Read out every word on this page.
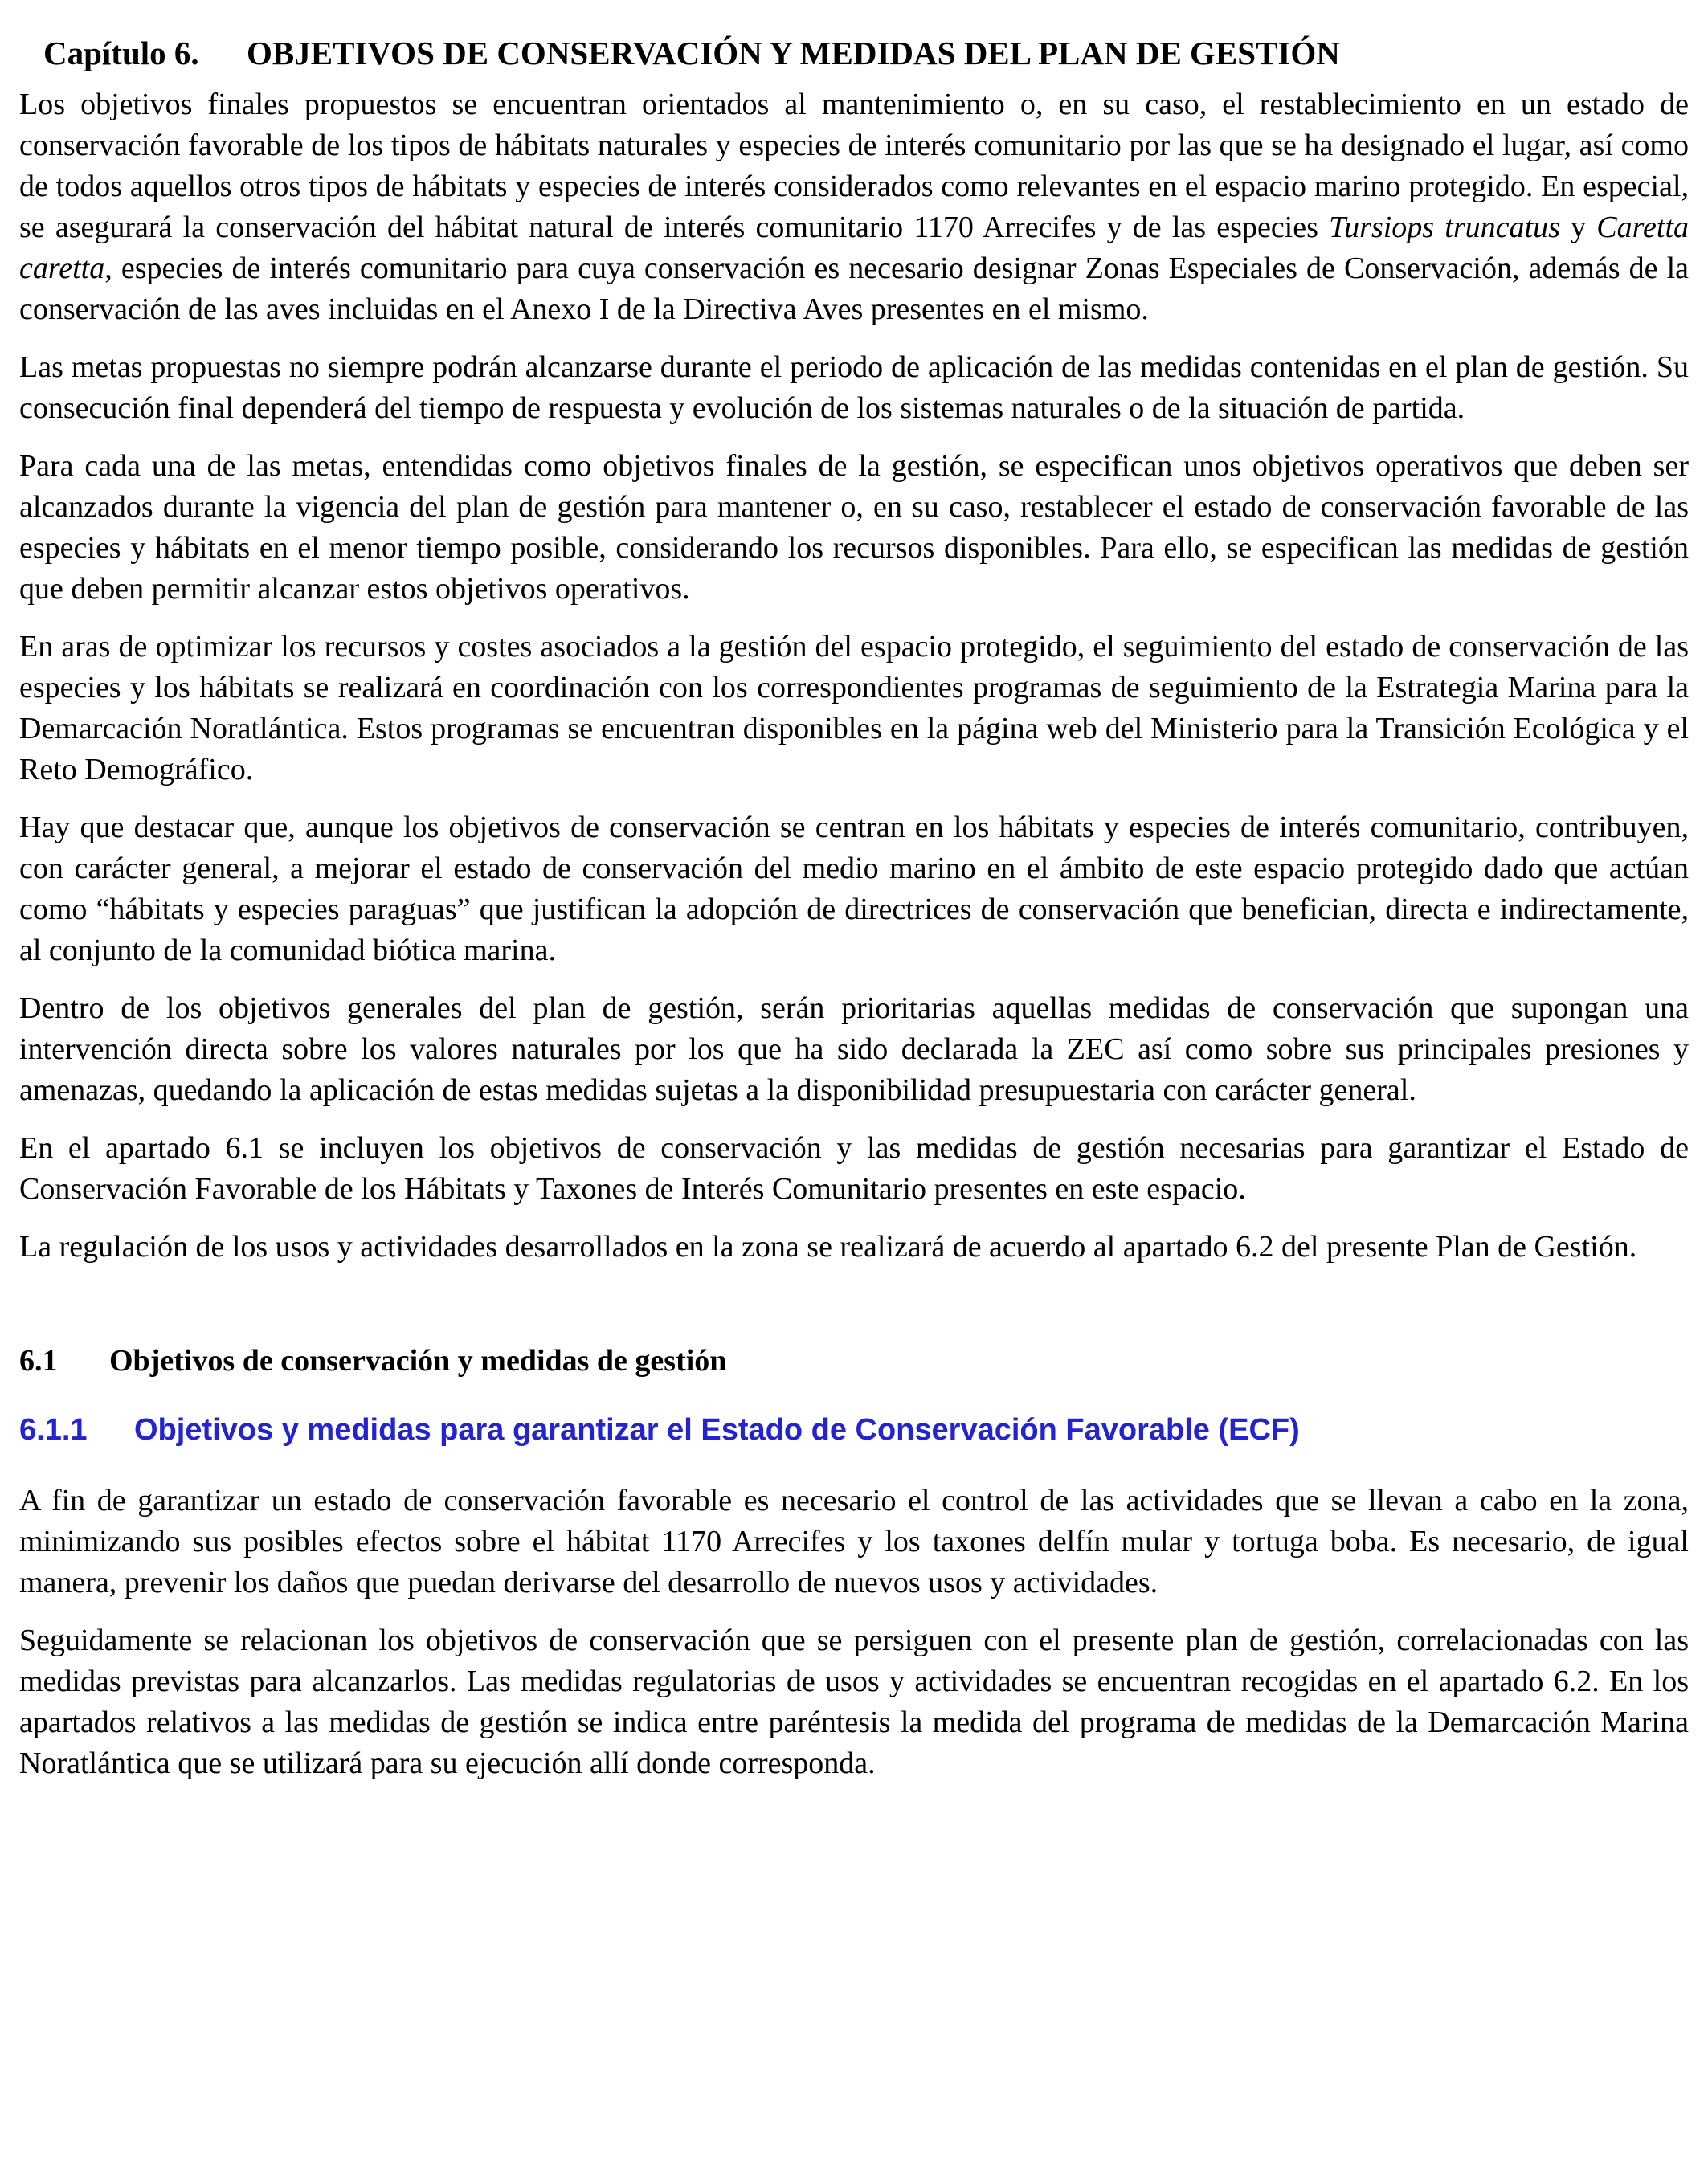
Capítulo 6. OBJETIVOS DE CONSERVACIÓN Y MEDIDAS DEL PLAN DE GESTIÓN

Los objetivos finales propuestos se encuentran orientados al mantenimiento o, en su caso, el restablecimiento en un estado de conservación favorable de los tipos de hábitats naturales y especies de interés comunitario por las que se ha designado el lugar, así como de todos aquellos otros tipos de hábitats y especies de interés considerados como relevantes en el espacio marino protegido. En especial, se asegurará la conservación del hábitat natural de interés comunitario 1170 Arrecifes y de las especies Tursiops truncatus y Caretta caretta, especies de interés comunitario para cuya conservación es necesario designar Zonas Especiales de Conservación, además de la conservación de las aves incluidas en el Anexo I de la Directiva Aves presentes en el mismo.

Las metas propuestas no siempre podrán alcanzarse durante el periodo de aplicación de las medidas contenidas en el plan de gestión. Su consecución final dependerá del tiempo de respuesta y evolución de los sistemas naturales o de la situación de partida.

Para cada una de las metas, entendidas como objetivos finales de la gestión, se especifican unos objetivos operativos que deben ser alcanzados durante la vigencia del plan de gestión para mantener o, en su caso, restablecer el estado de conservación favorable de las especies y hábitats en el menor tiempo posible, considerando los recursos disponibles. Para ello, se especifican las medidas de gestión que deben permitir alcanzar estos objetivos operativos.

En aras de optimizar los recursos y costes asociados a la gestión del espacio protegido, el seguimiento del estado de conservación de las especies y los hábitats se realizará en coordinación con los correspondientes programas de seguimiento de la Estrategia Marina para la Demarcación Noratlántica. Estos programas se encuentran disponibles en la página web del Ministerio para la Transición Ecológica y el Reto Demográfico.

Hay que destacar que, aunque los objetivos de conservación se centran en los hábitats y especies de interés comunitario, contribuyen, con carácter general, a mejorar el estado de conservación del medio marino en el ámbito de este espacio protegido dado que actúan como “hábitats y especies paraguas” que justifican la adopción de directrices de conservación que benefician, directa e indirectamente, al conjunto de la comunidad biótica marina.

Dentro de los objetivos generales del plan de gestión, serán prioritarias aquellas medidas de conservación que supongan una intervención directa sobre los valores naturales por los que ha sido declarada la ZEC así como sobre sus principales presiones y amenazas, quedando la aplicación de estas medidas sujetas a la disponibilidad presupuestaria con carácter general.

En el apartado 6.1 se incluyen los objetivos de conservación y las medidas de gestión necesarias para garantizar el Estado de Conservación Favorable de los Hábitats y Taxones de Interés Comunitario presentes en este espacio.

La regulación de los usos y actividades desarrollados en la zona se realizará de acuerdo al apartado 6.2 del presente Plan de Gestión.

6.1 Objetivos de conservación y medidas de gestión
6.1.1 Objetivos y medidas para garantizar el Estado de Conservación Favorable (ECF)

A fin de garantizar un estado de conservación favorable es necesario el control de las actividades que se llevan a cabo en la zona, minimizando sus posibles efectos sobre el hábitat 1170 Arrecifes y los taxones delfín mular y tortuga boba. Es necesario, de igual manera, prevenir los daños que puedan derivarse del desarrollo de nuevos usos y actividades.

Seguidamente se relacionan los objetivos de conservación que se persiguen con el presente plan de gestión, correlacionadas con las medidas previstas para alcanzarlos. Las medidas regulatorias de usos y actividades se encuentran recogidas en el apartado 6.2. En los apartados relativos a las medidas de gestión se indica entre paréntesis la medida del programa de medidas de la Demarcación Marina Noratlántica que se utilizará para su ejecución allí donde corresponda.
